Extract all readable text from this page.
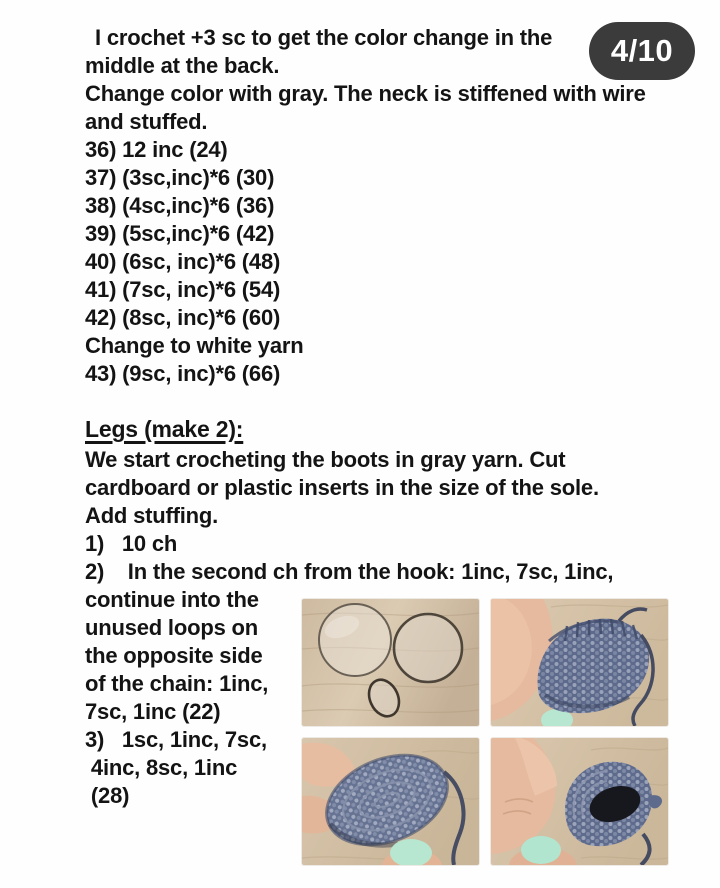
4/10

I crochet +3 sc to get the color change in the middle at the back.

Change color with gray. The neck is stiffened with wire and stuffed.

36) 12 inc (24)
37) (3sc,inc)*6 (30)
38) (4sc,inc)*6 (36)
39) (5sc,inc)*6 (42)
40) (6sc, inc)*6 (48)
41) (7sc, inc)*6 (54)
42) (8sc, inc)*6 (60)
Change to white yarn
43) (9sc, inc)*6 (66)
Legs (make 2):

We start crocheting the boots in gray yarn. Cut cardboard or plastic inserts in the size of the sole. Add stuffing.

1)   10 ch
2)    In the second ch from the hook: 1inc, 7sc, 1inc,
continue into the
unused loops on
the opposite side
of the chain: 1inc,
7sc, 1inc (22)
3)   1sc, 1inc, 7sc,
4inc, 8sc, 1inc
(28)
